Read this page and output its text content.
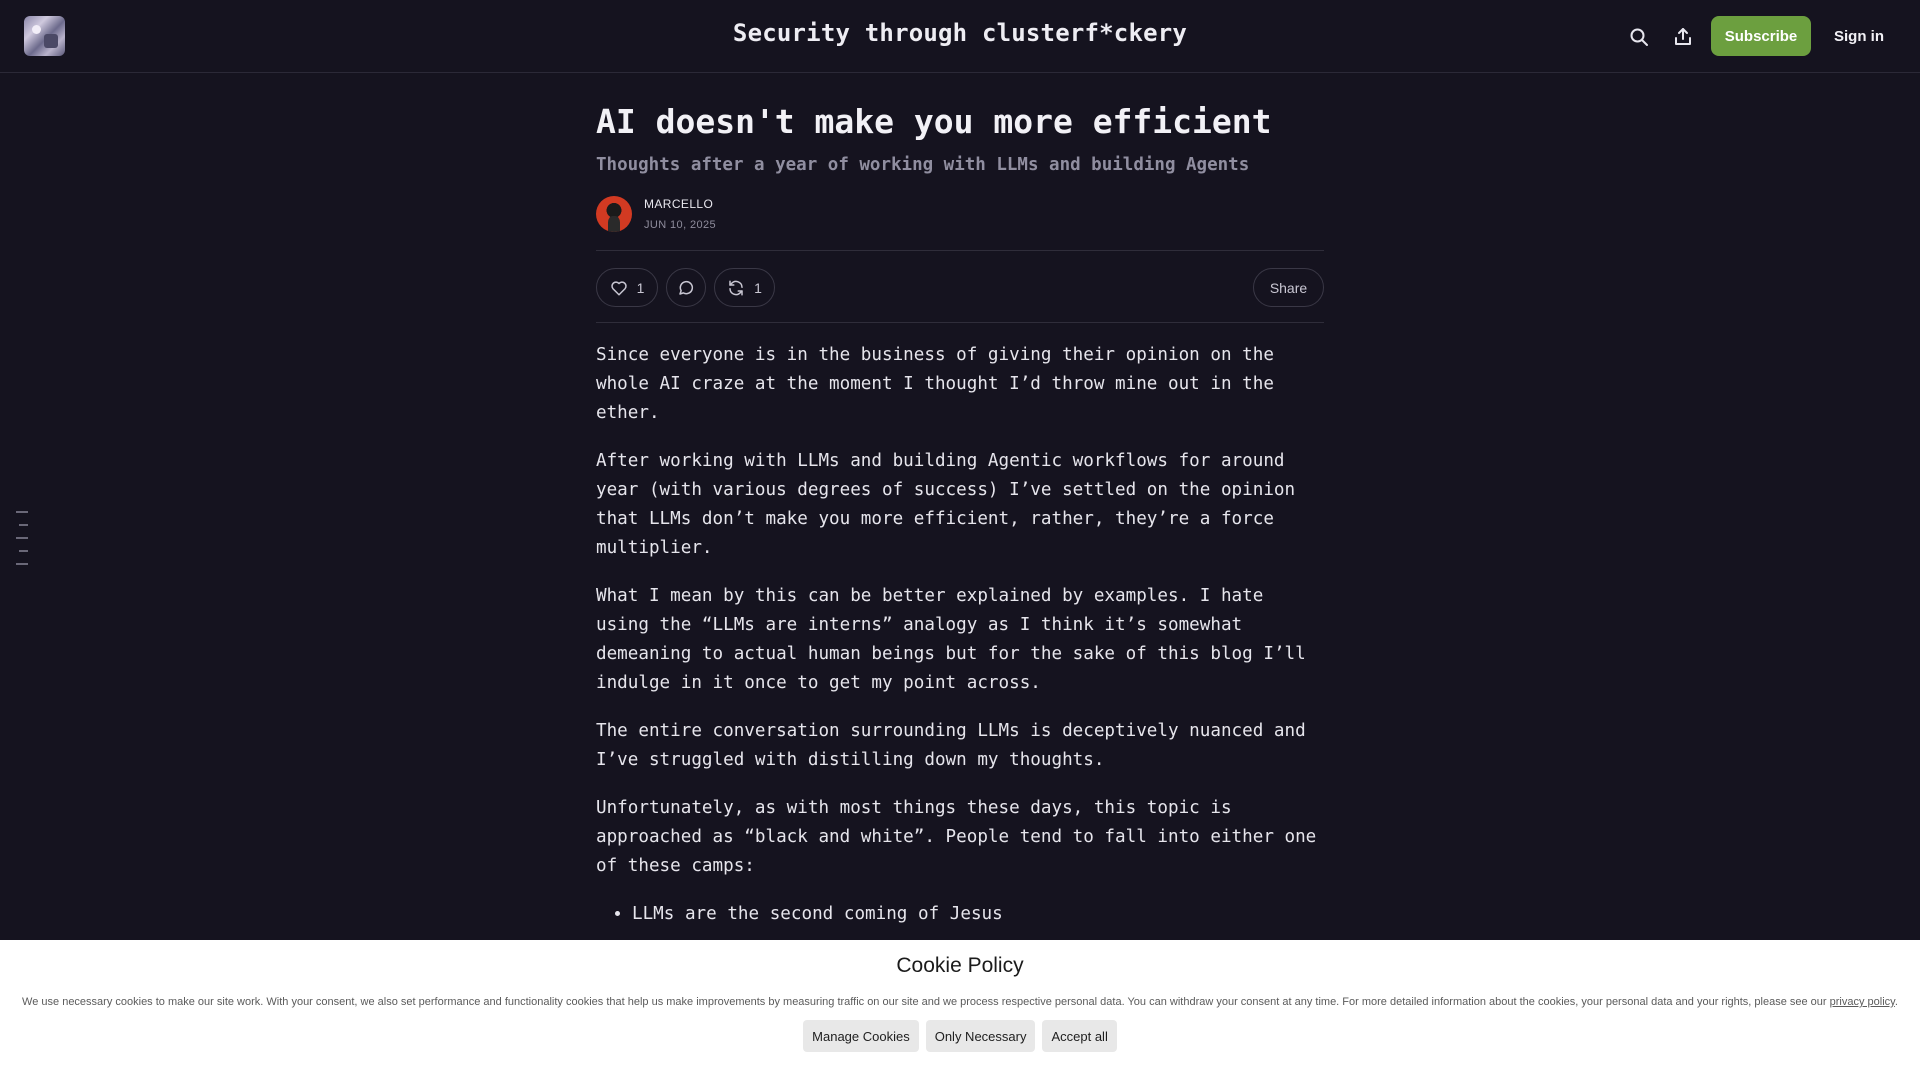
Security through clusterf*ckery	Subscribe	Sign in
AI doesn't make you more efficient
Thoughts after a year of working with LLMs and building Agents
MARCELLO
JUN 10, 2025
1	1	Share

Since everyone is in the business of giving their opinion on the whole AI craze at the moment I thought I’d throw mine out in the ether.

After working with LLMs and building Agentic workflows for around year (with various degrees of success) I’ve settled on the opinion that LLMs don’t make you more efficient, rather, they’re a force multiplier.

What I mean by this can be better explained by examples. I hate using the “LLMs are interns” analogy as I think it’s somewhat demeaning to actual human beings but for the sake of this blog I’ll indulge in it once to get my point across.

The entire conversation surrounding LLMs is deceptively nuanced and I’ve struggled with distilling down my thoughts.

Unfortunately, as with most things these days, this topic is approached as “black and white”. People tend to fall into either one of these camps:

• LLMs are the second coming of Jesus
Cookie Policy
We use necessary cookies to make our site work. With your consent, we also set performance and functionality cookies that help us make improvements by measuring traffic on our site and we process respective personal data. You can withdraw your consent at any time. For more detailed information about the cookies, your personal data and your rights, please see our privacy policy.
Manage Cookies	Only Necessary	Accept all
